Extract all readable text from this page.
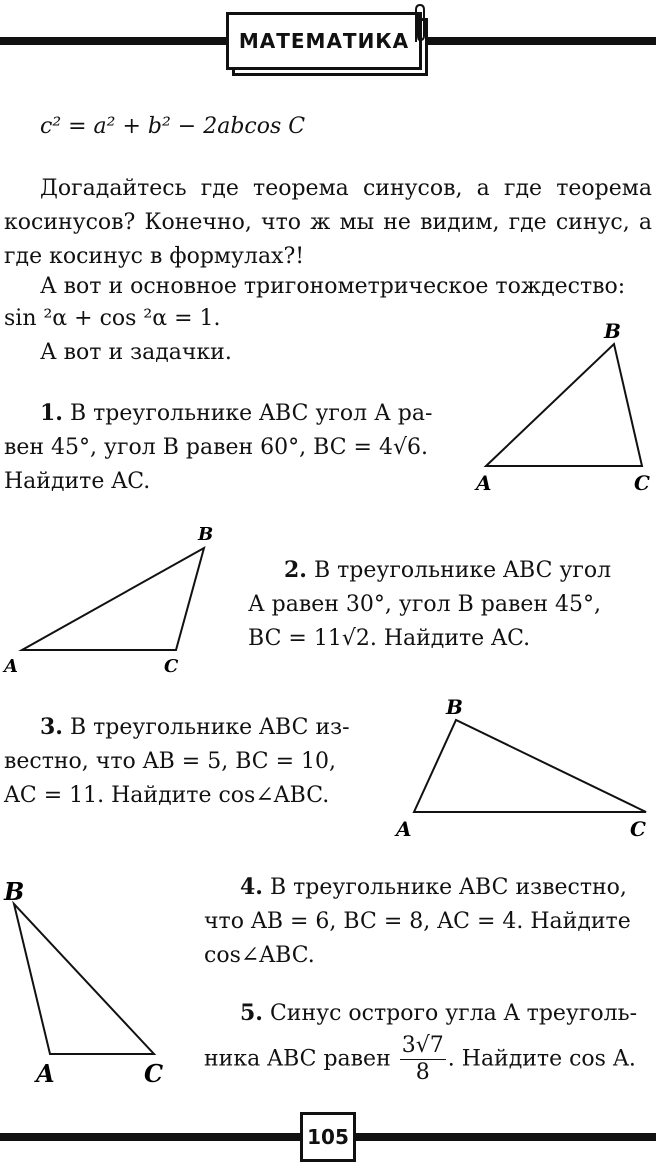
МАТЕМАТИКА
c² = a² + b² − 2abcos C
Догадайтесь где теорема синусов, а где теорема косинусов? Конечно, что ж мы не видим, где синус, а где косинус в формулах?!
А вот и основное тригонометрическое тождество:
sin ²α + cos ²α = 1.
А вот и задачки.
1. В треугольнике ABC угол А ра-
вен 45°, угол В равен 60°, BC = 4√6.
Найдите AC.	A
B
C
A
B
C
2. В треугольнике ABC угол
А равен 30°, угол В равен 45°,
BC = 11√2. Найдите AC.
3. В треугольнике ABC из-
вестно, что AB = 5, BC = 10,
AC = 11. Найдите cos∠ABC.
A
B
C
B
A	C
4. В треугольнике ABC известно,
что AB = 6, BC = 8, AC = 4. Найдите
cos∠ABC.
5. Синус острого угла A треуголь-
ника ABC равен $\frac{3√7}{8}$ . Найдите cos A.
105
